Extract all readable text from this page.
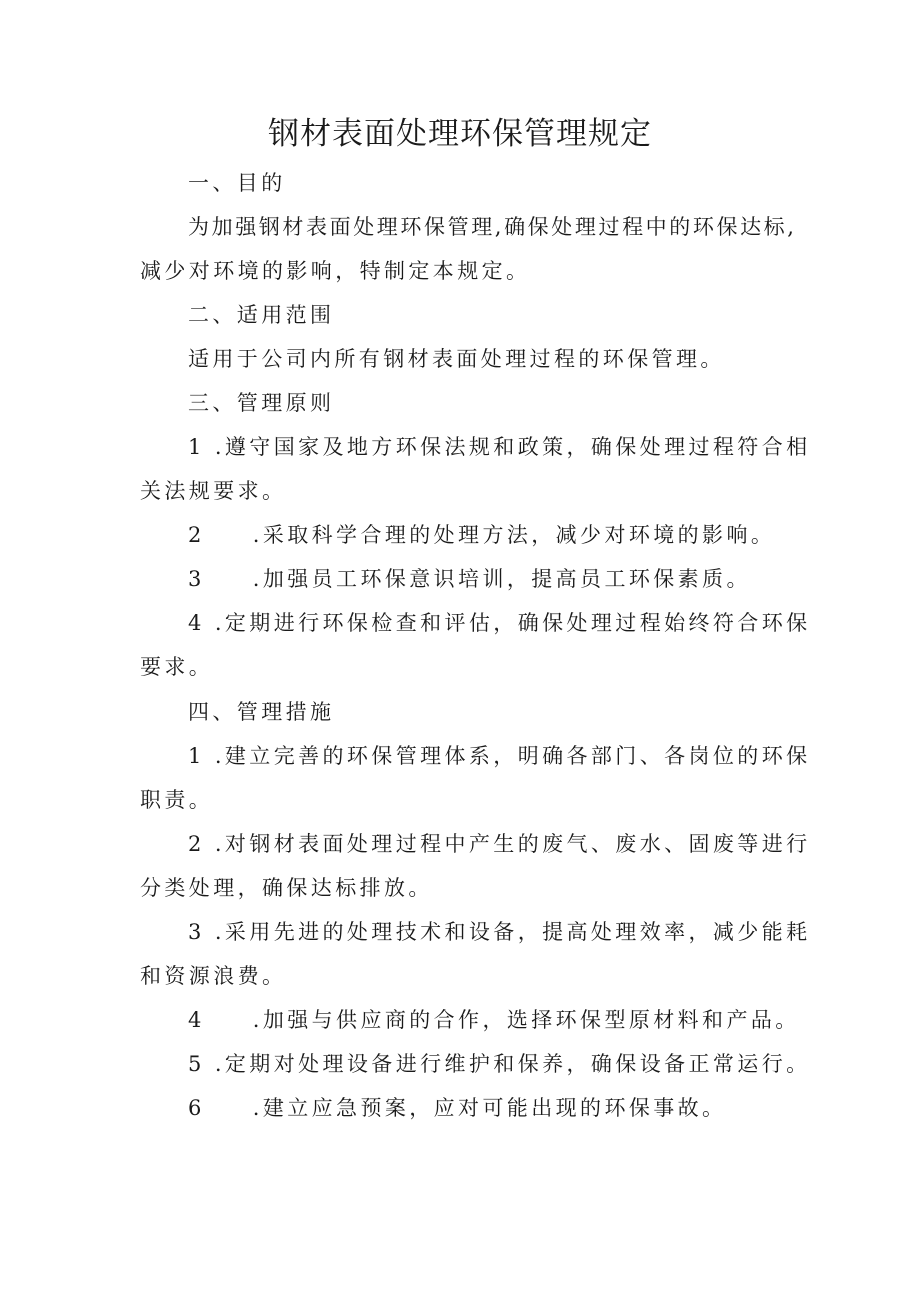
钢材表面处理环保管理规定
一、目的
为加强钢材表面处理环保管理,确保处理过程中的环保达标,
减少对环境的影响，特制定本规定。
二、适用范围
适用于公司内所有钢材表面处理过程的环保管理。
三、管理原则
1 .遵守国家及地方环保法规和政策，确保处理过程符合相
关法规要求。
2 .采取科学合理的处理方法，减少对环境的影响。
3 .加强员工环保意识培训，提高员工环保素质。
4 .定期进行环保检查和评估，确保处理过程始终符合环保
要求。
四、管理措施
1 .建立完善的环保管理体系，明确各部门、各岗位的环保
职责。
2 .对钢材表面处理过程中产生的废气、废水、固废等进行
分类处理，确保达标排放。
3 .采用先进的处理技术和设备，提高处理效率，减少能耗
和资源浪费。
4 .加强与供应商的合作，选择环保型原材料和产品。
5 .定期对处理设备进行维护和保养，确保设备正常运行。
6 .建立应急预案，应对可能出现的环保事故。
